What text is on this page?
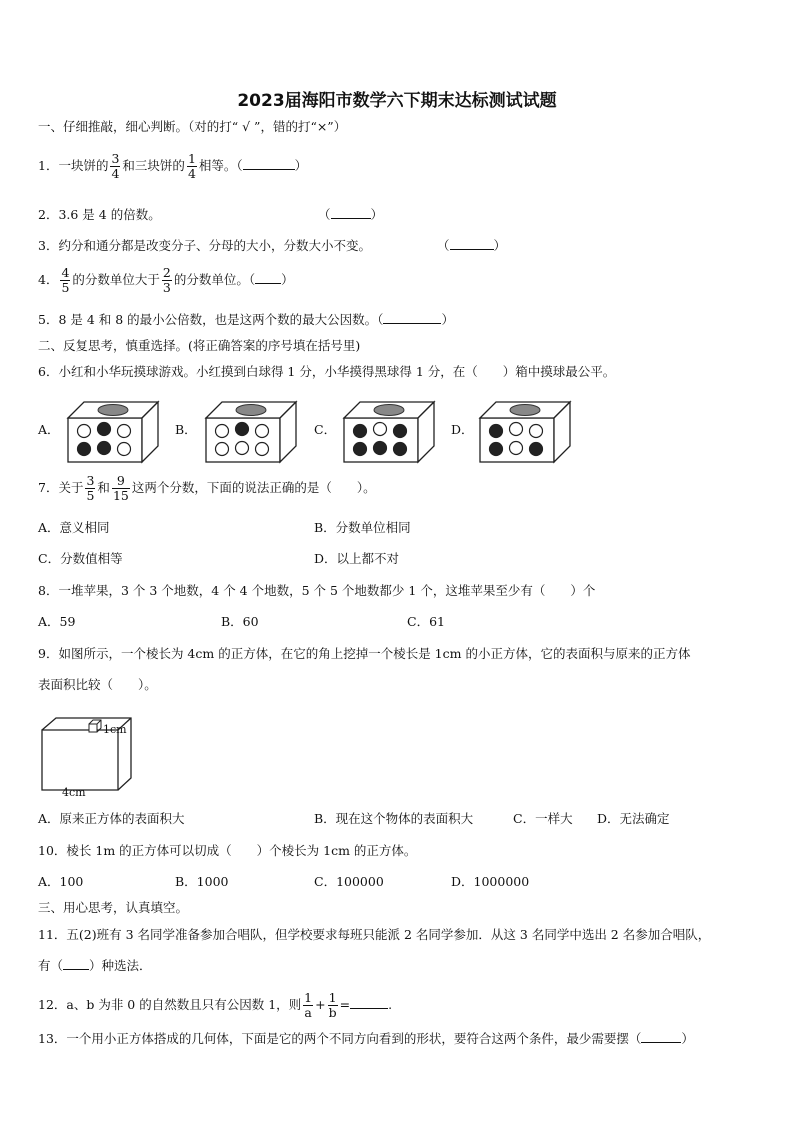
2023届海阳市数学六下期末达标测试试题
一、仔细推敲，细心判断。（对的打“ √ ”，错的打“×”）
1．一块饼的 $\frac{3}{4}$ 和三块饼的 $\frac{1}{4}$ 相等。（	）
2．3.6 是 4 的倍数。	（	）
3．约分和通分都是改变分子、分母的大小，分数大小不变。	（	）
4． $\frac{4}{5}$ 的分数单位大于 $\frac{2}{3}$ 的分数单位。（ ）
5．8 是 4 和 8 的最小公倍数，也是这两个数的最大公因数。（	）
二、反复思考，慎重选择。(将正确答案的序号填在括号里)
6．小红和小华玩摸球游戏。小红摸到白球得 1 分，小华摸得黑球得 1 分，在（　　）箱中摸球最公平。
A．	B．	C．	D．
7．关于 $\frac{3}{5}$ 和 $\frac{9}{15}$ 这两个分数，下面的说法正确的是（　　）。
A．意义相同	B．分数单位相同
C．分数值相等	D．以上都不对
8．一堆苹果，3 个 3 个地数，4 个 4 个地数，5 个 5 个地数都少 1 个，这堆苹果至少有（　　）个
A．59	B．60	C．61
9．如图所示，一个棱长为 4cm 的正方体，在它的角上挖掉一个棱长是 1cm 的小正方体，它的表面积与原来的正方体
表面积比较（　　）。
1cm
4cm
A．原来正方体的表面积大	B．现在这个物体的表面积大	C．一样大 D．无法确定
10．棱长 1m 的正方体可以切成（　　）个棱长为 1cm 的正方体。
A．100	B．1000	C．100000	D．1000000
三、用心思考，认真填空。
11．五(2)班有 3 名同学准备参加合唱队，但学校要求每班只能派 2 名同学参加．从这 3 名同学中选出 2 名参加合唱队，
有（ ）种选法．
12．a、b 为非 0 的自然数且只有公因数 1，则 $\frac{1}{a} + \frac{1}{b}$ =	.
13．一个用小正方体搭成的几何体，下面是它的两个不同方向看到的形状，要符合这两个条件，最少需要摆（	）
